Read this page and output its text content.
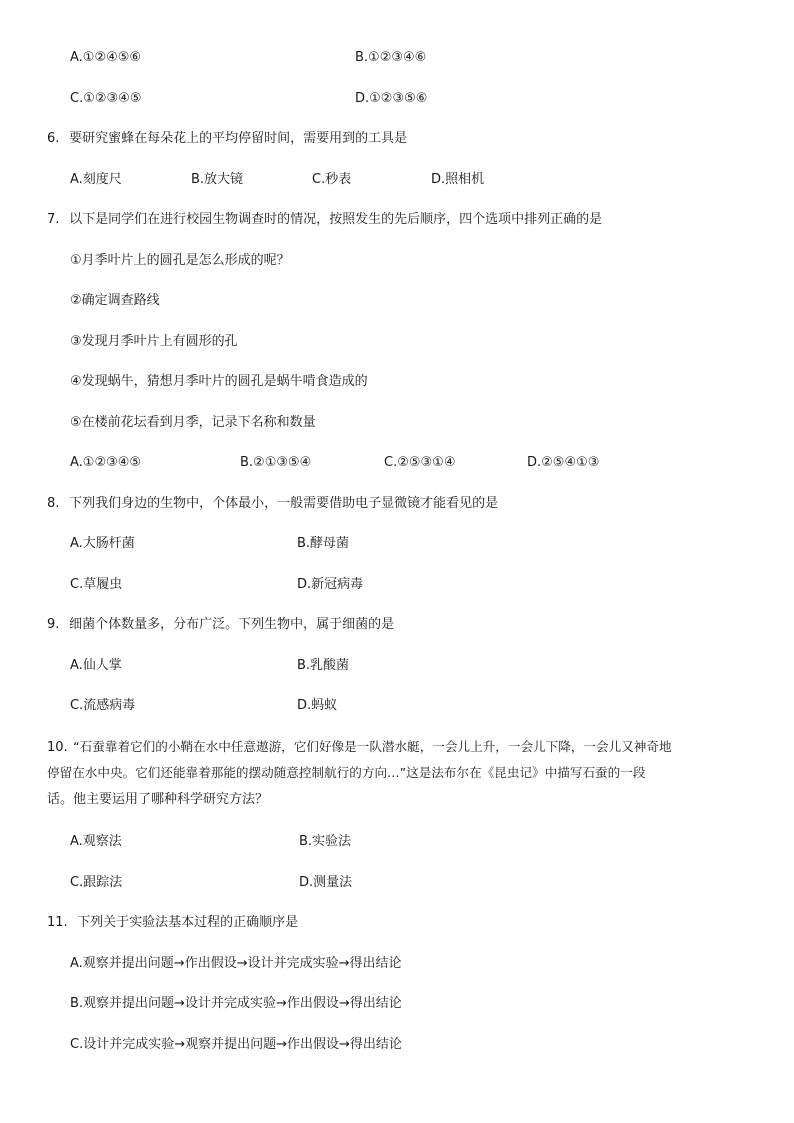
A.①②④⑤⑥	B.①②③④⑥
C.①②③④⑤	D.①②③⑤⑥
6. 要研究蜜蜂在每朵花上的平均停留时间，需要用到的工具是
A.刻度尺	B.放大镜	C.秒表	D.照相机
7. 以下是同学们在进行校园生物调查时的情况，按照发生的先后顺序，四个选项中排列正确的是
①月季叶片上的圆孔是怎么形成的呢？
②确定调查路线
③发现月季叶片上有圆形的孔
④发现蜗牛，猜想月季叶片的圆孔是蜗牛啃食造成的
⑤在楼前花坛看到月季，记录下名称和数量
A.①②③④⑤	B.②①③⑤④	C.②⑤③①④	D.②⑤④①③
8. 下列我们身边的生物中，个体最小，一般需要借助电子显微镜才能看见的是
A.大肠杆菌	B.酵母菌
C.草履虫	D.新冠病毒
9. 细菌个体数量多，分布广泛。下列生物中，属于细菌的是
A.仙人掌	B.乳酸菌
C.流感病毒	D.蚂蚁
10. “石蚕靠着它们的小鞘在水中任意遨游，它们好像是一队潜水艇，一会儿上升，一会儿下降，一会儿又神奇地
停留在水中央。它们还能靠着那能的摆动随意控制航行的方向…”这是法布尔在《昆虫记》中描写石蚕的一段
话。他主要运用了哪种科学研究方法？
A.观察法	B.实验法
C.跟踪法	D.测量法
11. 下列关于实验法基本过程的正确顺序是
A.观察并提出问题→作出假设→设计并完成实验→得出结论
B.观察并提出问题→设计并完成实验→作出假设→得出结论
C.设计并完成实验→观察并提出问题→作出假设→得出结论
